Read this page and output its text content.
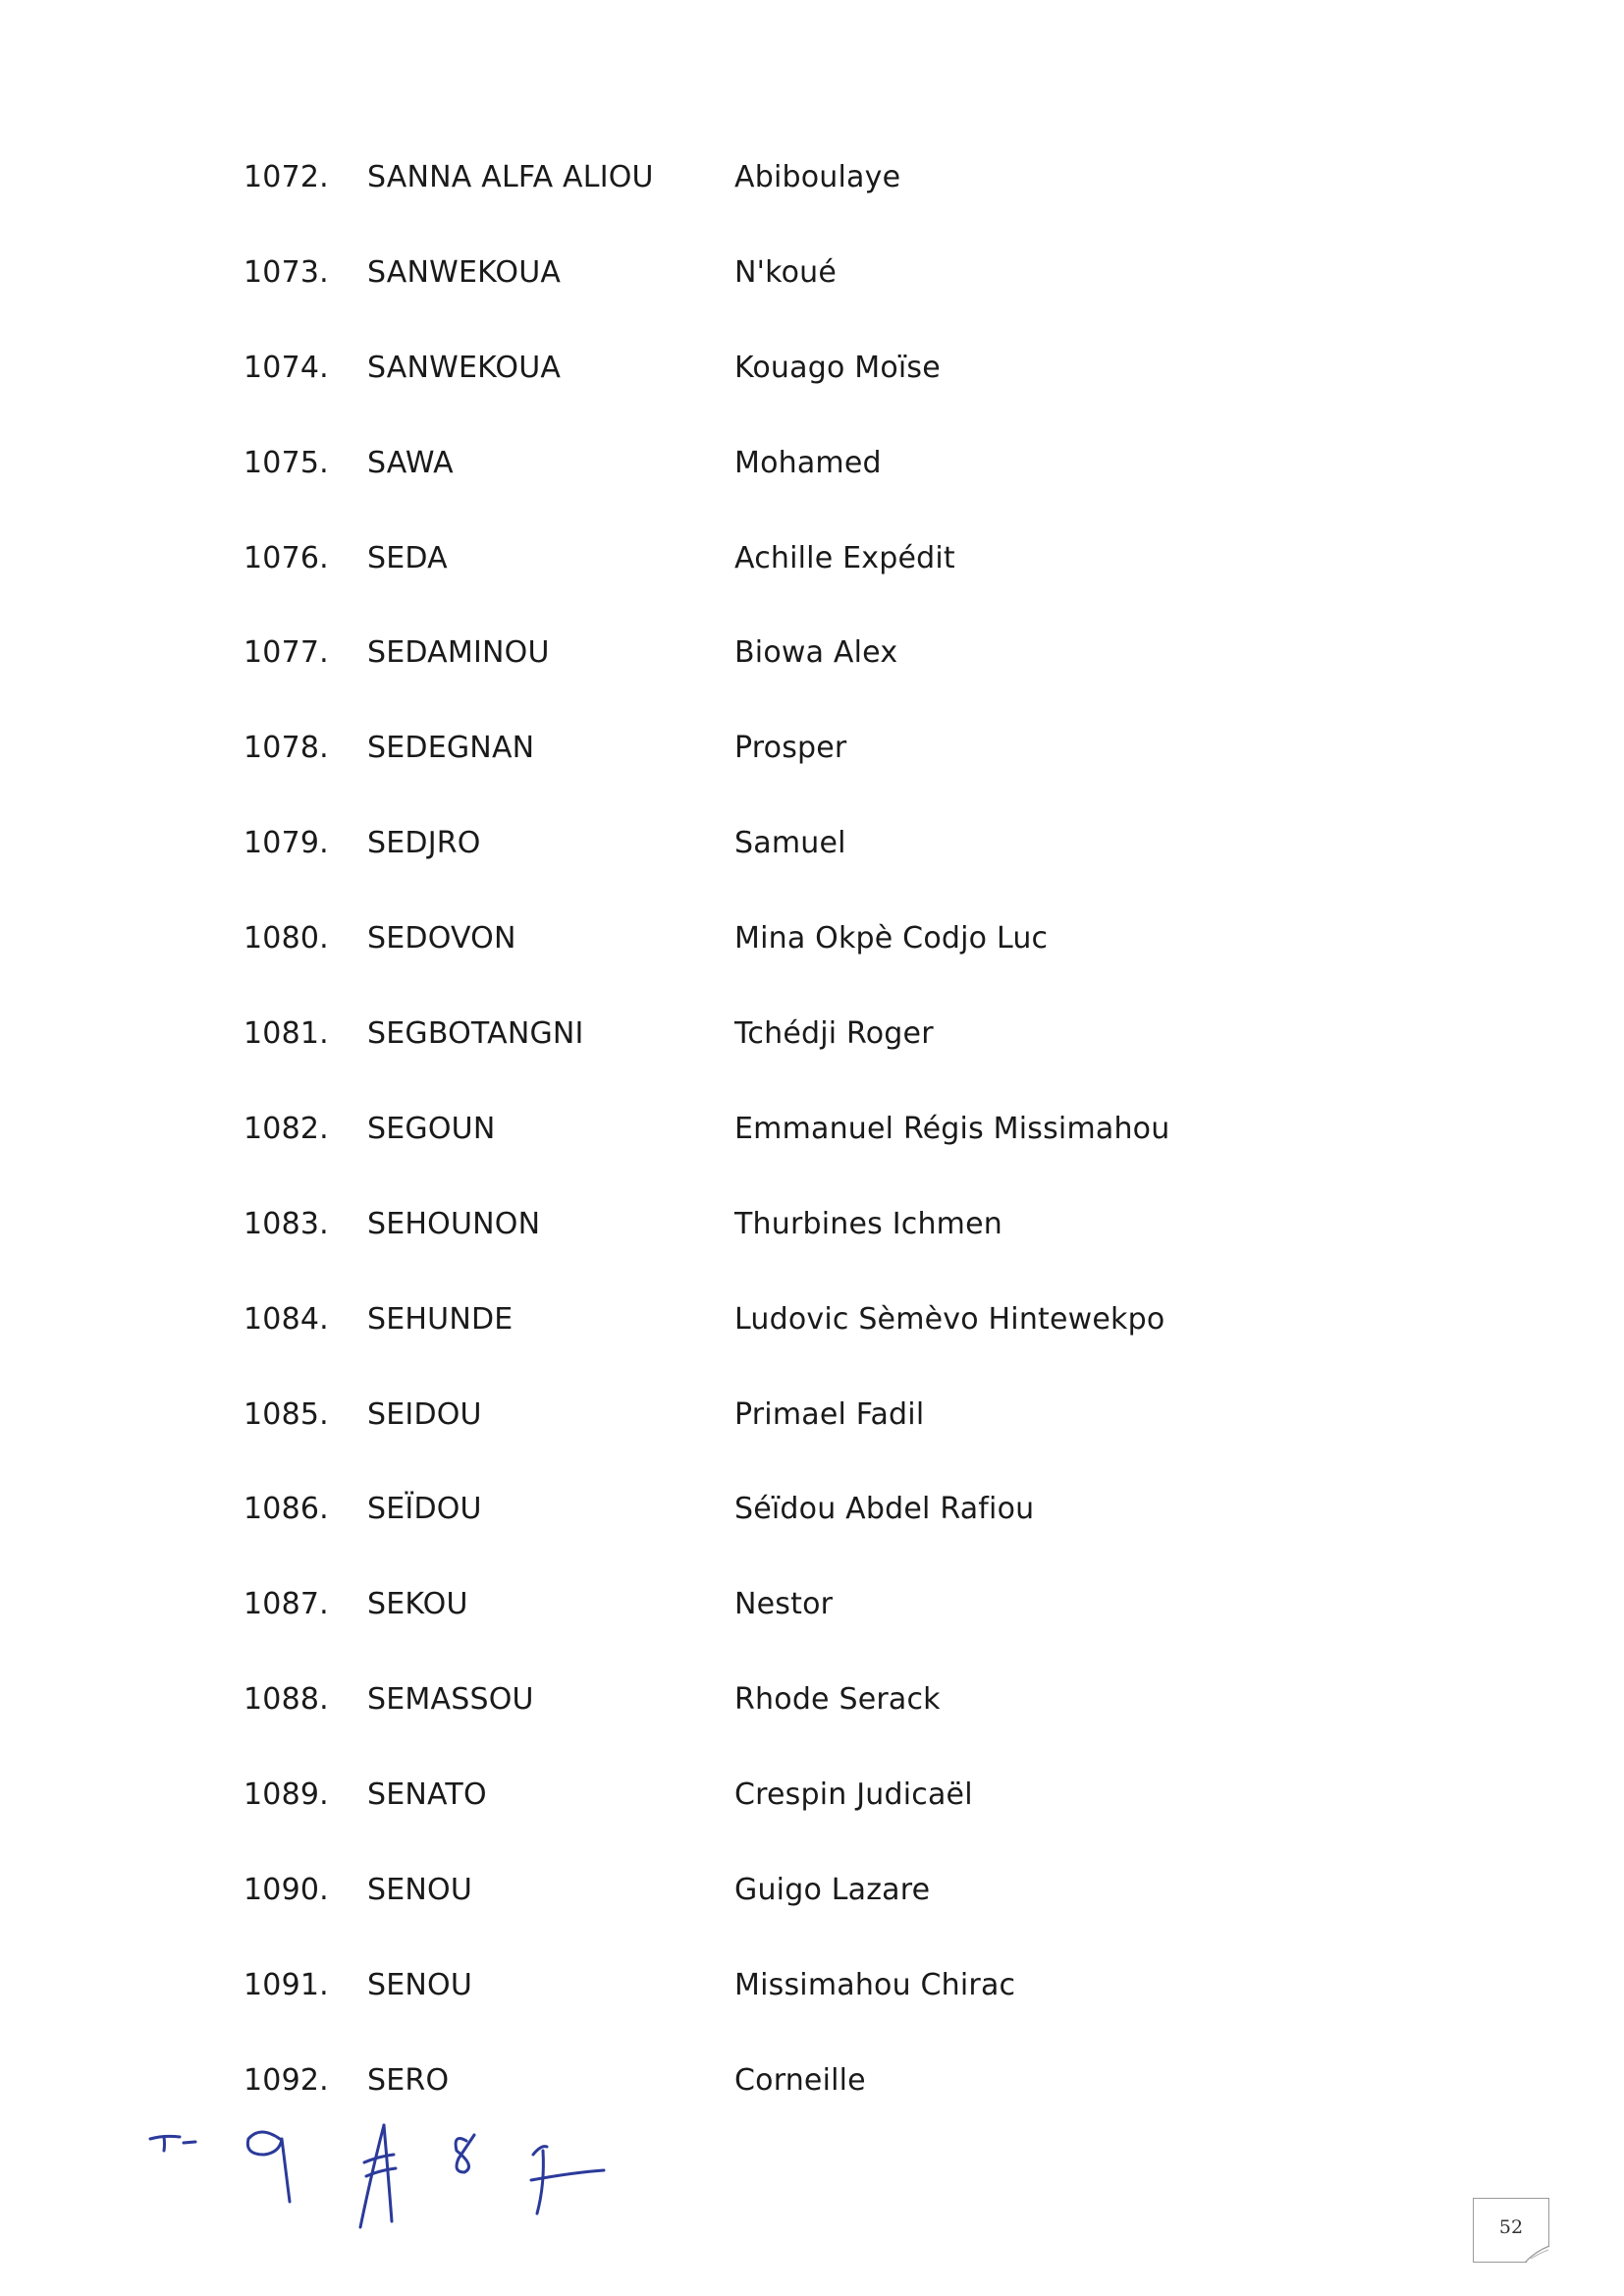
1072. SANNA ALFA ALIOU	Abiboulaye
1073. SANWEKOUA	N'koué
1074. SANWEKOUA	Kouago Moïse
1075. SAWA	Mohamed
1076. SEDA	Achille Expédit
1077. SEDAMINOU	Biowa Alex
1078. SEDEGNAN	Prosper
1079. SEDJRO	Samuel
1080. SEDOVON	Mina Okpè Codjo Luc
1081. SEGBOTANGNI	Tchédji Roger
1082. SEGOUN	Emmanuel Régis Missimahou
1083. SEHOUNON	Thurbines Ichmen
1084. SEHUNDE	Ludovic Sèmèvo Hintewekpo
1085. SEIDOU	Primael Fadil
1086. SEÏDOU	Séïdou Abdel Rafiou
1087. SEKOU	Nestor
1088. SEMASSOU	Rhode Serack
1089. SENATO	Crespin Judicaël
1090. SENOU	Guigo Lazare
1091. SENOU	Missimahou Chirac
1092. SERO	Corneille
52
